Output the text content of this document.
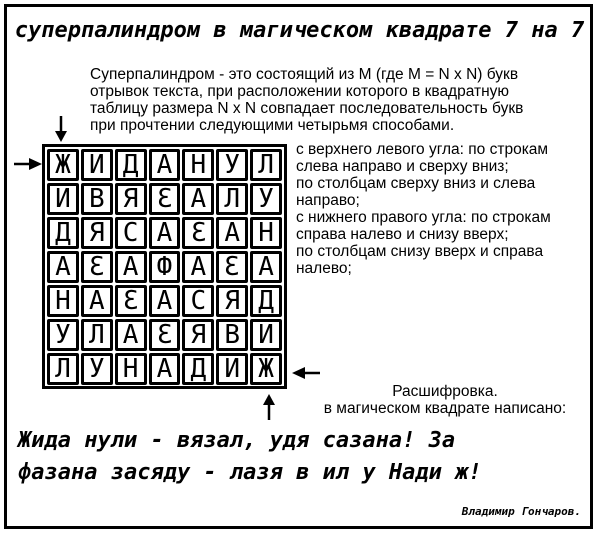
суперпалиндром в магическом квадрате 7 на 7
Суперпалиндром - это состоящий из М (где М = N x N) букв
отрывок текста, при расположении которого в квадратную
таблицу размера N x N совпадает последовательность букв
при прочтении следующими четырьмя способами.
с верхнего левого угла: по строкам
слева направо и сверху вниз;
по столбцам сверху вниз и слева
направо;
с нижнего правого угла: по строкам
справа налево и снизу вверх;
по столбцам снизу вверх и справа
налево;
Ж И Д А Н У Л
И В Я З А Л У
Д Я С А З А Н
А З А Ф А З А
Н А З А С Я Д
У Л А З Я В И
Л У Н А Д И Ж
Расшифровка.
в магическом квадрате написано:
Жида нули - вязал, удя сазана! За
фазана засяду - лазя в ил у Нади ж!
Владимир Гончаров.
